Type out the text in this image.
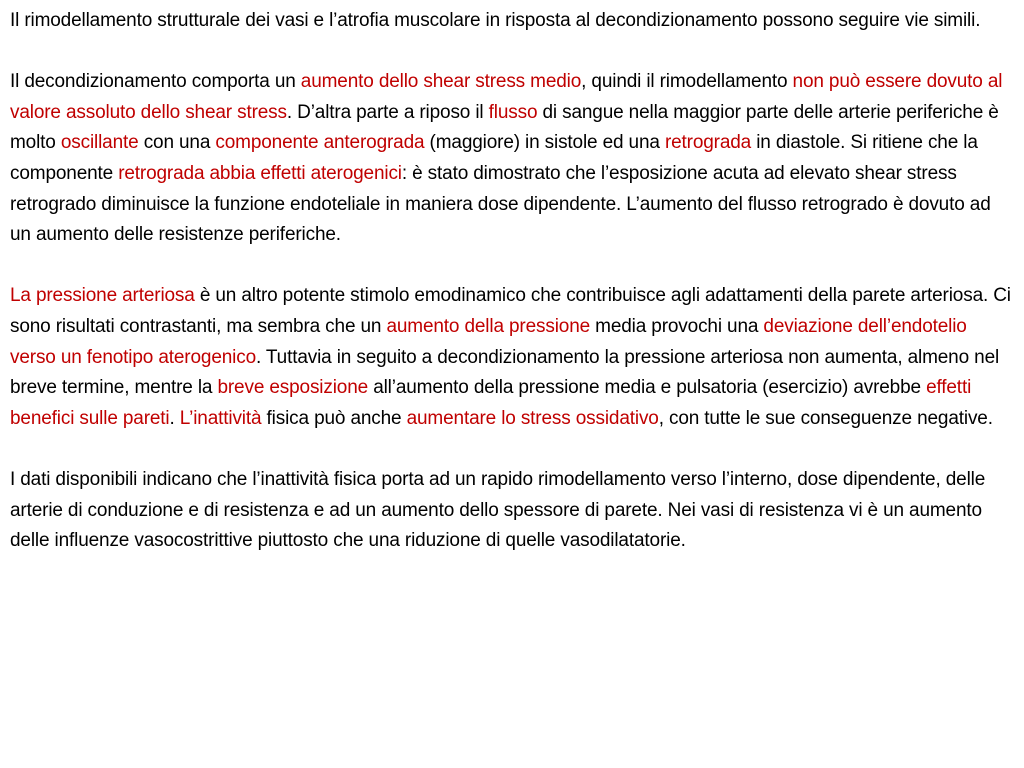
Il rimodellamento strutturale dei vasi e l’atrofia muscolare in risposta al decondizionamento possono seguire vie simili.

Il decondizionamento comporta un aumento dello shear stress medio, quindi il rimodellamento non può essere dovuto al valore assoluto dello shear stress. D’altra parte a riposo il flusso di sangue nella maggior parte delle arterie periferiche è molto oscillante con una componente anterograda (maggiore) in sistole ed una retrograda in diastole. Si ritiene che la componente retrograda abbia effetti aterogenici: è stato dimostrato che l’esposizione acuta ad elevato shear stress retrogrado diminuisce la funzione endoteliale in maniera dose dipendente. L’aumento del flusso retrogrado è dovuto ad un aumento delle resistenze periferiche.

La pressione arteriosa è un altro potente stimolo emodinamico che contribuisce agli adattamenti della parete arteriosa. Ci sono risultati contrastanti, ma sembra che un aumento della pressione media provochi una deviazione dell’endotelio verso un fenotipo aterogenico. Tuttavia in seguito a decondizionamento la pressione arteriosa non aumenta, almeno nel breve termine, mentre la breve esposizione all’aumento della pressione media e pulsatoria (esercizio) avrebbe effetti benefici sulle pareti. L’inattività fisica può anche aumentare lo stress ossidativo, con tutte le sue conseguenze negative.

I dati disponibili indicano che l’inattività fisica porta ad un rapido rimodellamento verso l’interno, dose dipendente, delle arterie di conduzione e di resistenza e ad un aumento dello spessore di parete. Nei vasi di resistenza vi è un aumento delle influenze vasocostrittive piuttosto che una riduzione di quelle vasodilatatorie.
